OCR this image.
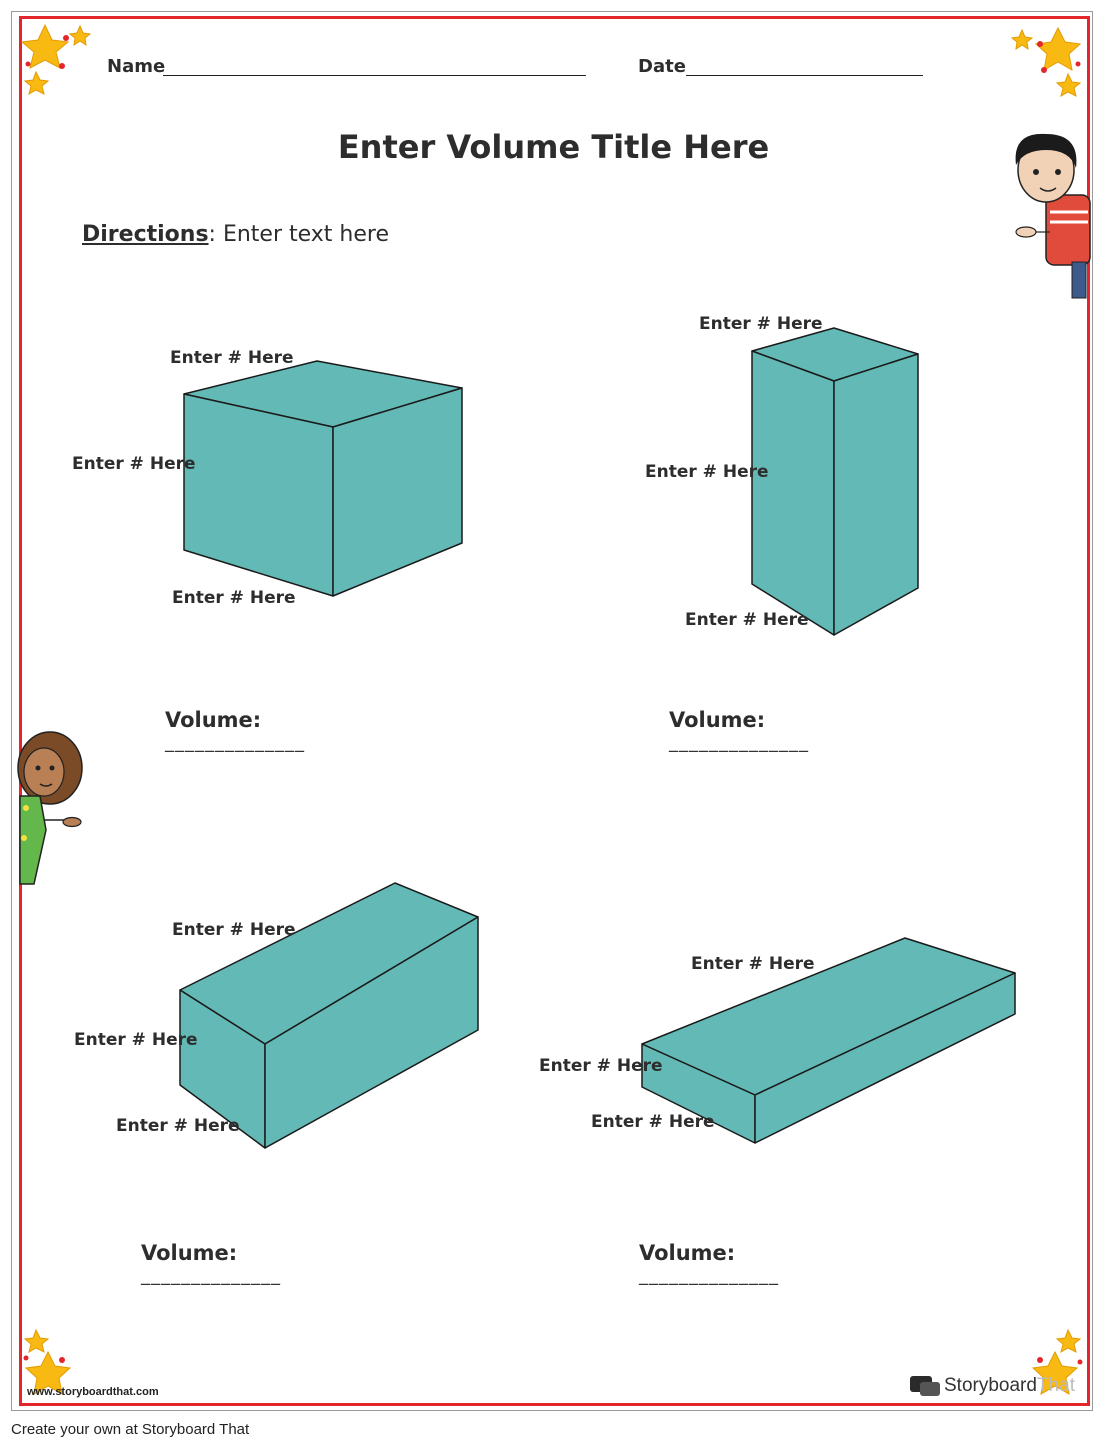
Name	Date
Enter Volume Title Here
Directions: Enter text here
Enter # Here
Enter # Here
Enter # Here
Volume:
______________
Enter # Here
Enter # Here
Enter # Here
Volume:
______________
Enter # Here
Enter # Here
Enter # Here
Volume:
______________
Enter # Here
Enter # Here
Enter # Here
Volume:
______________
www.storyboardthat.com	StoryboardThat
Create your own at Storyboard That
